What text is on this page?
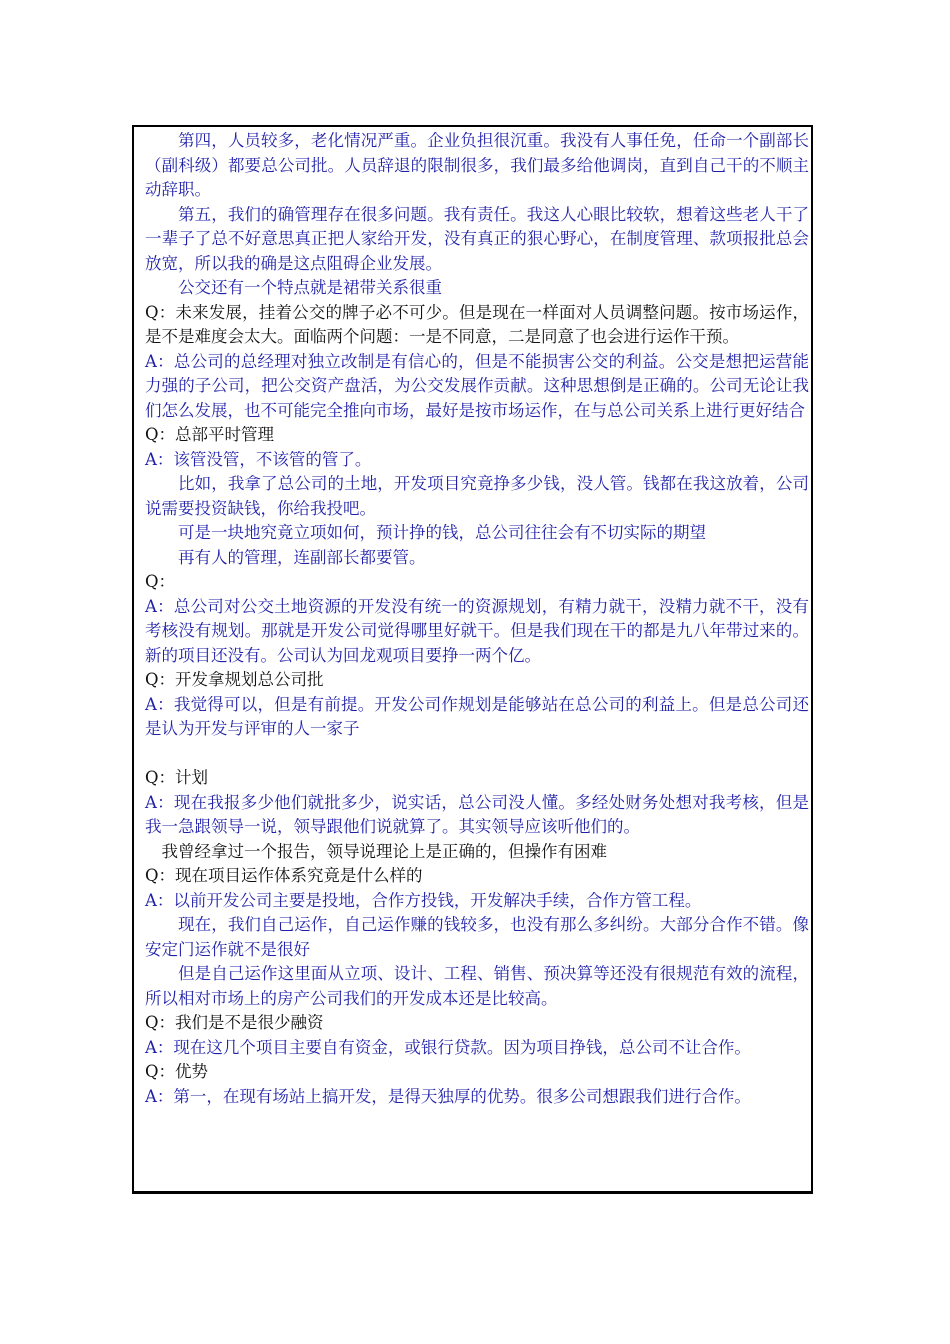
第四，人员较多，老化情况严重。企业负担很沉重。我没有人事任免，任命一个副部长（副科级）都要总公司批。人员辞退的限制很多，我们最多给他调岗，直到自己干的不顺主动辞职。

第五，我们的确管理存在很多问题。我有责任。我这人心眼比较软，想着这些老人干了一辈子了总不好意思真正把人家给开发，没有真正的狠心野心，在制度管理、款项报批总会放宽，所以我的确是这点阻碍企业发展。

公交还有一个特点就是裙带关系很重

Q：未来发展，挂着公交的牌子必不可少。但是现在一样面对人员调整问题。按市场运作，是不是难度会太大。面临两个问题：一是不同意，二是同意了也会进行运作干预。

A：总公司的总经理对独立改制是有信心的，但是不能损害公交的利益。公交是想把运营能力强的子公司，把公交资产盘活，为公交发展作贡献。这种思想倒是正确的。公司无论让我们怎么发展，也不可能完全推向市场，最好是按市场运作，在与总公司关系上进行更好结合

Q：总部平时管理

A：该管没管，不该管的管了。

比如，我拿了总公司的土地，开发项目究竟挣多少钱，没人管。钱都在我这放着，公司说需要投资缺钱，你给我投吧。

可是一块地究竟立项如何，预计挣的钱，总公司往往会有不切实际的期望

再有人的管理，连副部长都要管。

Q：

A：总公司对公交土地资源的开发没有统一的资源规划，有精力就干，没精力就不干，没有考核没有规划。那就是开发公司觉得哪里好就干。但是我们现在干的都是九八年带过来的。新的项目还没有。公司认为回龙观项目要挣一两个亿。

Q：开发拿规划总公司批

A：我觉得可以，但是有前提。开发公司作规划是能够站在总公司的利益上。但是总公司还是认为开发与评审的人一家子

Q：计划

A：现在我报多少他们就批多少，说实话，总公司没人懂。多经处财务处想对我考核，但是我一急跟领导一说，领导跟他们说就算了。其实领导应该听他们的。

我曾经拿过一个报告，领导说理论上是正确的，但操作有困难

Q：现在项目运作体系究竟是什么样的

A：以前开发公司主要是投地，合作方投钱，开发解决手续，合作方管工程。

现在，我们自己运作，自己运作赚的钱较多，也没有那么多纠纷。大部分合作不错。像安定门运作就不是很好

但是自己运作这里面从立项、设计、工程、销售、预决算等还没有很规范有效的流程，所以相对市场上的房产公司我们的开发成本还是比较高。

Q：我们是不是很少融资

A：现在这几个项目主要自有资金，或银行贷款。因为项目挣钱，总公司不让合作。

Q：优势

A：第一，在现有场站上搞开发，是得天独厚的优势。很多公司想跟我们进行合作。
